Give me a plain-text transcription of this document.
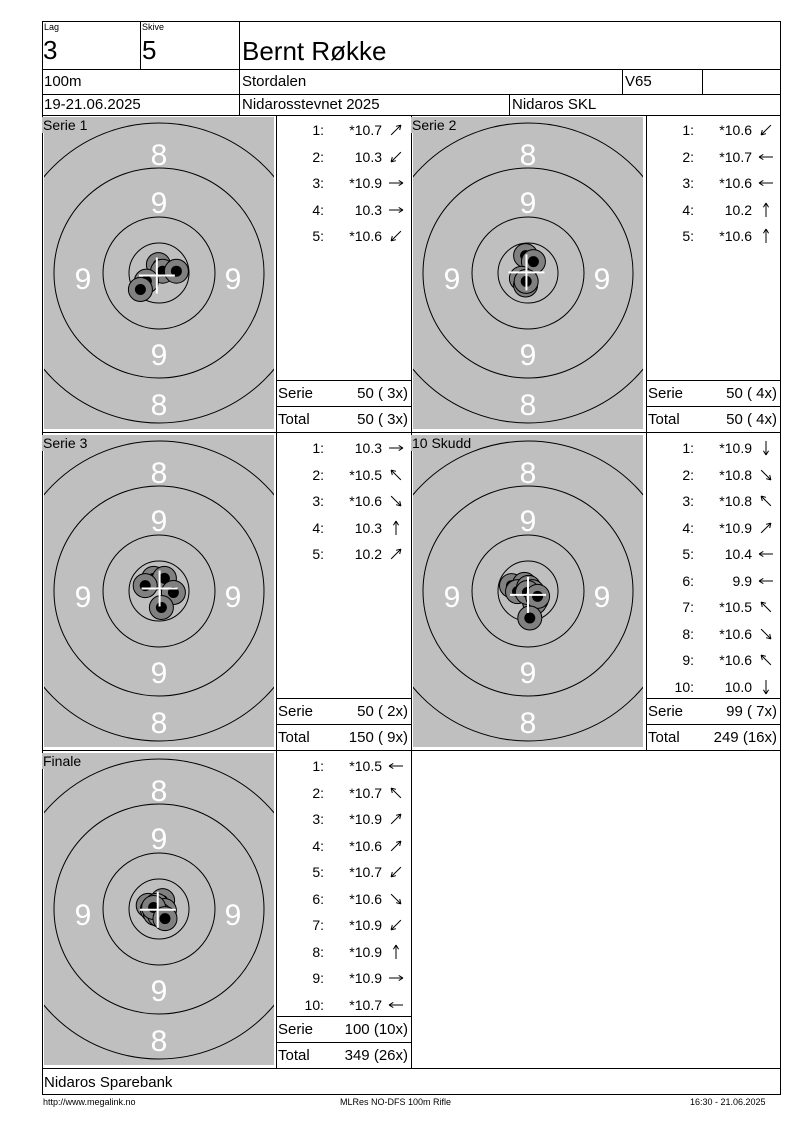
Lag
3
Skive
5	Bernt Røkke
100m	Stordalen	V65
19-21.06.2025	Nidarosstevnet 2025	Nidaros SKL
8
8
9
9
9	9
Serie 1	1:	*10.7
2:	10.3
3:	*10.9
4:	10.3
5:	*10.6
Serie	50 ( 3x)
Total	50 ( 3x)
8
8
9
9
9	9
Serie 2	1:	*10.6
2:	*10.7
3:	*10.6
4:	10.2
5:	*10.6
Serie	50 ( 4x)
Total	50 ( 4x)
8
8
9
9
9	9
Serie 3	1:	10.3
2:	*10.5
3:	*10.6
4:	10.3
5:	10.2
Serie	50 ( 2x)
Total	150 ( 9x)
8
8
9
9
9	9
10 Skudd	1:	*10.9
2:	*10.8
3:	*10.8
4:	*10.9
5:	10.4
6:	9.9
7:	*10.5
8:	*10.6
9:	*10.6
10:	10.0
Serie	99 ( 7x)
Total 249 (16x)
8
8
9
9
9	9
Finale	1:	*10.5
2:	*10.7
3:	*10.9
4:	*10.6
5:	*10.7
6:	*10.6
7:	*10.9
8:	*10.9
9:	*10.9
10:	*10.7
Serie 100 (10x)
Total 349 (26x)
Nidaros Sparebank
http://www.megalink.no	MLRes NO-DFS 100m Rifle	16:30 - 21.06.2025
